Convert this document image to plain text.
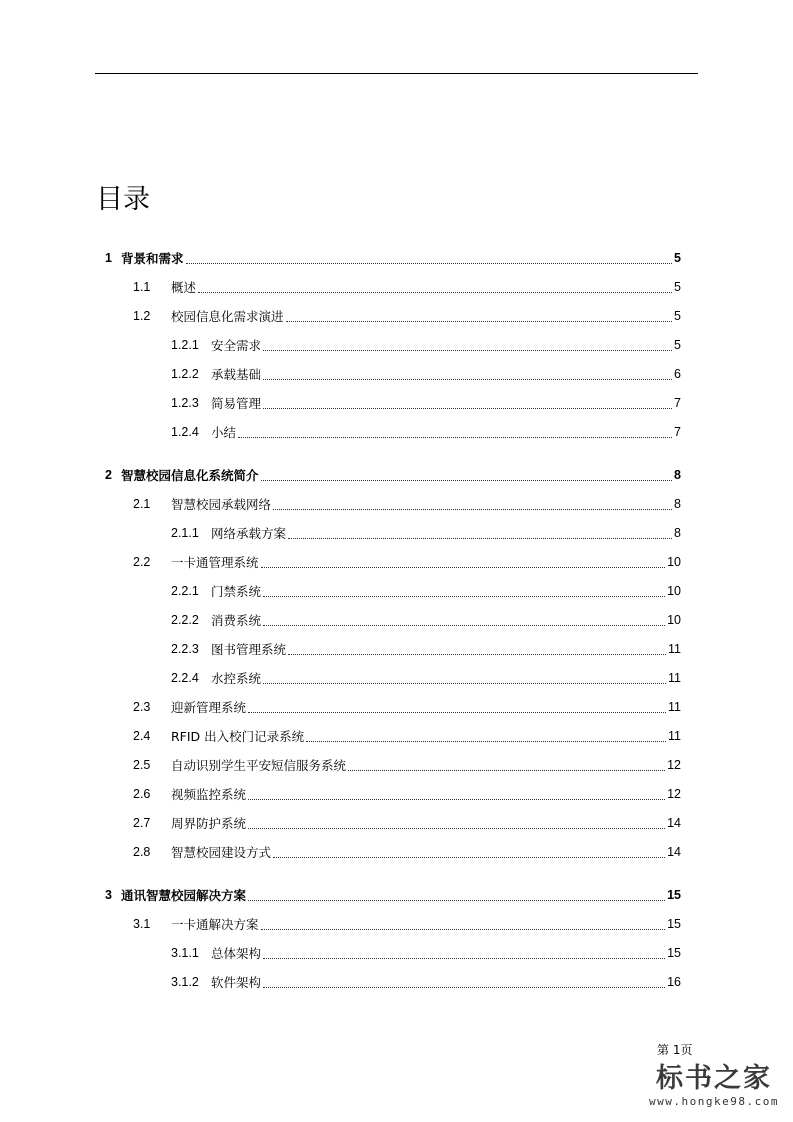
目录
1 背景和需求	5
1.1	概述	5
1.2	校园信息化需求演进	5
1.2.1 安全需求	5
1.2.2 承载基础	6
1.2.3 简易管理	7
1.2.4 小结	7
2 智慧校园信息化系统简介	8
2.1	智慧校园承载网络	8
2.1.1 网络承载方案	8
2.2	一卡通管理系统	10
2.2.1 门禁系统	10
2.2.2 消费系统	10
2.2.3 图书管理系统	11
2.2.4 水控系统	11
2.3	迎新管理系统	11
2.4	RFID 出入校门记录系统	11
2.5	自动识别学生平安短信服务系统	12
2.6	视频监控系统	12
2.7	周界防护系统	14
2.8	智慧校园建设方式	14
3 通讯智慧校园解决方案	15
3.1	一卡通解决方案	15
3.1.1 总体架构	15
3.1.2 软件架构	16
第 1页
标书之家
www.hongke98.com
